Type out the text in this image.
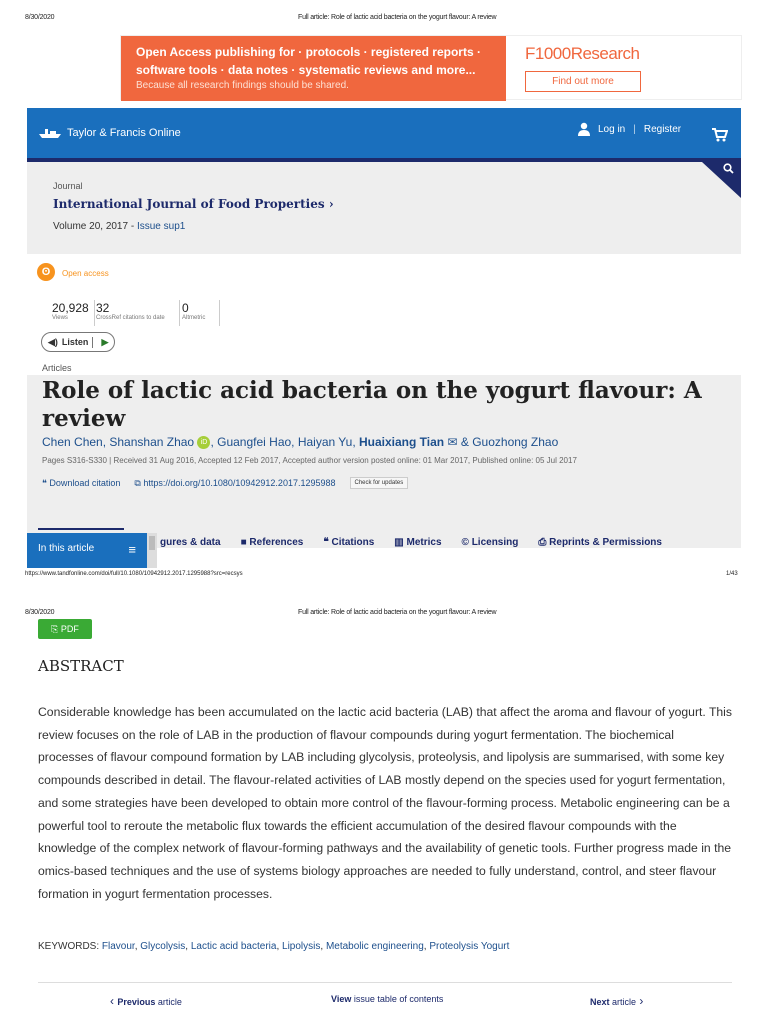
8/30/2020	Full article: Role of lactic acid bacteria on the yogurt flavour: A review
Open Access publishing for · protocols · registered reports ·
software tools · data notes · systematic reviews and more...
Because all research findings should be shared.
F1000Research
Find out more
Taylor & Francis Online	Log in | Register
Journal
International Journal of Food Properties ›
Volume 20, 2017 - Issue sup1
ʘ	Open access
20,928
Views
32
CrossRef citations to date
0
Altmetric
◀) Listen	▶
Articles
Role of lactic acid bacteria on the yogurt flavour: A review
Chen Chen, Shanshan Zhao iD , Guangfei Hao, Haiyan Yu, Huaixiang Tian ✉ & Guozhong Zhao
Pages S316-S330 | Received 31 Aug 2016, Accepted 12 Feb 2017, Accepted author version posted online: 01 Mar 2017, Published online: 05 Jul 2017
❝ Download citation ⧉ https://doi.org/10.1080/10942912.2017.1295988	Check for updates
gures & data ■ References ❝ Citations ▥ Metrics © Licensing ⎙ Reprints & Permissions
In this article	≡
https://www.tandfonline.com/doi/full/10.1080/10942912.2017.1295988?src=recsys	1/43
8/30/2020	Full article: Role of lactic acid bacteria on the yogurt flavour: A review
⎘ PDF
ABSTRACT

Considerable knowledge has been accumulated on the lactic acid bacteria (LAB) that affect the aroma and flavour of yogurt. This review focuses on the role of LAB in the production of flavour compounds during yogurt fermentation. The biochemical processes of flavour compound formation by LAB including glycolysis, proteolysis, and lipolysis are summarised, with some key compounds described in detail. The flavour-related activities of LAB mostly depend on the species used for yogurt fermentation, and some strategies have been developed to obtain more control of the flavour-forming process. Metabolic engineering can be a powerful tool to reroute the metabolic flux towards the efficient accumulation of the desired flavour compounds with the knowledge of the complex network of flavour-forming pathways and the availability of genetic tools. Further progress made in the omics-based techniques and the use of systems biology approaches are needed to fully understand, control, and steer flavour formation in yogurt fermentation processes.

KEYWORDS: Flavour, Glycolysis, Lactic acid bacteria, Lipolysis, Metabolic engineering, Proteolysis Yogurt
‹ Previous article	View issue table of contents	Next article ›
